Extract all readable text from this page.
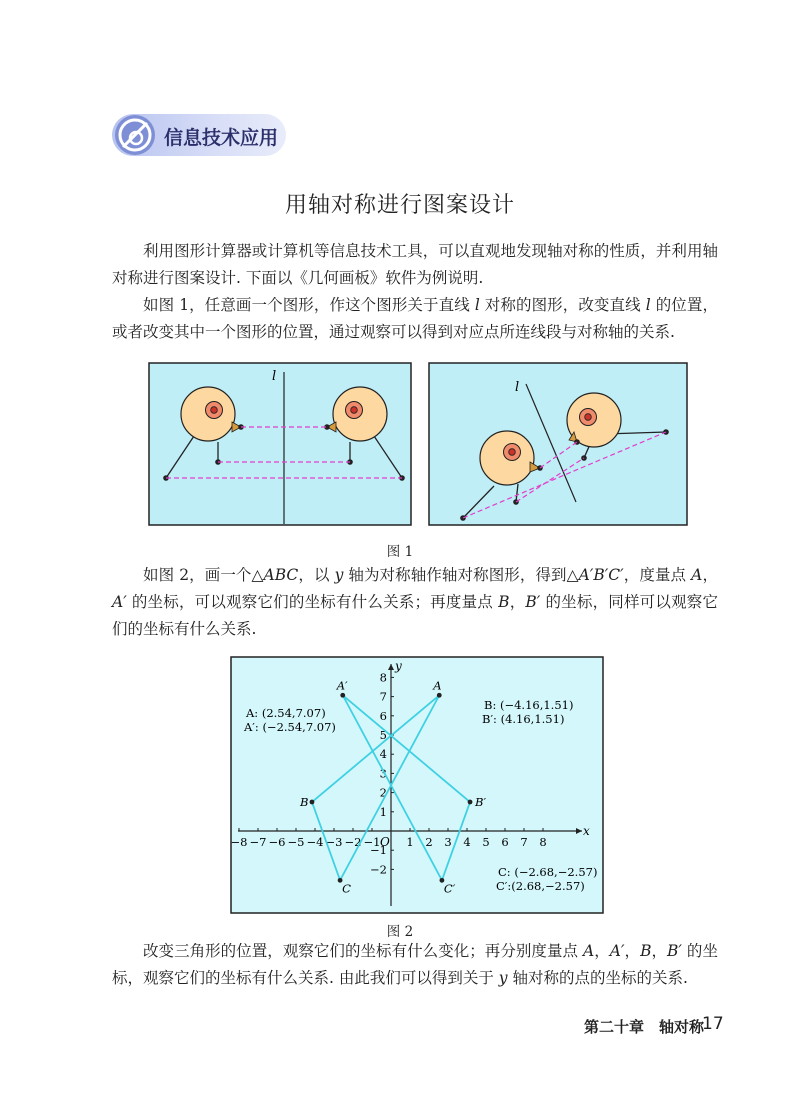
信息技术应用
用轴对称进行图案设计

利用图形计算器或计算机等信息技术工具，可以直观地发现轴对称的性质，并利用轴对称进行图案设计. 下面以《几何画板》软件为例说明.

如图 1，任意画一个图形，作这个图形关于直线 l 对称的图形，改变直线 l 的位置，或者改变其中一个图形的位置，通过观察可以得到对应点所连线段与对称轴的关系.

l
l
图 1

如图 2，画一个△ABC，以 y 轴为对称轴作轴对称图形，得到△A′B′C′，度量点 A，A′ 的坐标，可以观察它们的坐标有什么关系；再度量点 B，B′ 的坐标，同样可以观察它们的坐标有什么关系.

x
y
O
−8 −7 −6 −5 −4 −3 −2 −1 1 2 3 4 5 6 7 8
8
7
6
5
4
3
2
1
−1
−2
A
A′
B	B′
C	C′
A: (2.54,7.07)
A′: (−2.54,7.07)
B: (−4.16,1.51)
B′: (4.16,1.51)
C: (−2.68,−2.57)
C′:(2.68,−2.57)
图 2

改变三角形的位置，观察它们的坐标有什么变化；再分别度量点 A，A′，B，B′ 的坐标，观察它们的坐标有什么关系. 由此我们可以得到关于 y 轴对称的点的坐标的关系.

第二十章　轴对称
17
